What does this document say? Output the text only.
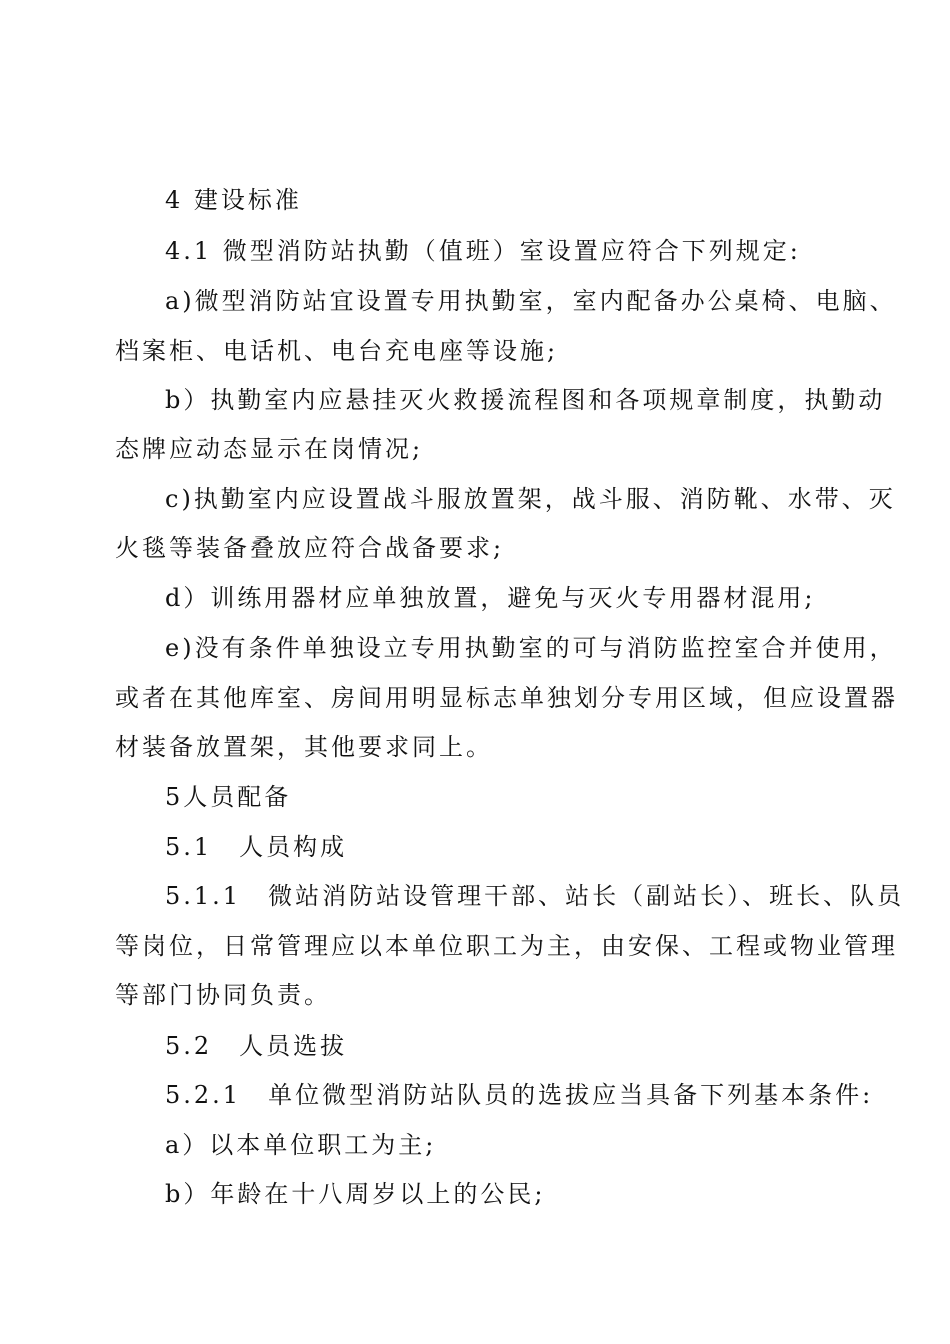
4 建设标准
4.1 微型消防站执勤（值班）室设置应符合下列规定:
a)微型消防站宜设置专用执勤室，室内配备办公桌椅、电脑、
档案柜、电话机、电台充电座等设施;
b）执勤室内应悬挂灭火救援流程图和各项规章制度，执勤动
态牌应动态显示在岗情况;
c)执勤室内应设置战斗服放置架，战斗服、消防靴、水带、灭
火毯等装备叠放应符合战备要求;
d）训练用器材应单独放置，避免与灭火专用器材混用;
e)没有条件单独设立专用执勤室的可与消防监控室合并使用，
或者在其他库室、房间用明显标志单独划分专用区域，但应设置器
材装备放置架，其他要求同上。
5人员配备
5.1　人员构成
5.1.1　微站消防站设管理干部、站长（副站长）、班长、队员
等岗位，日常管理应以本单位职工为主，由安保、工程或物业管理
等部门协同负责。
5.2　人员选拔
5.2.1　单位微型消防站队员的选拔应当具备下列基本条件:
a）以本单位职工为主;
b）年龄在十八周岁以上的公民;
